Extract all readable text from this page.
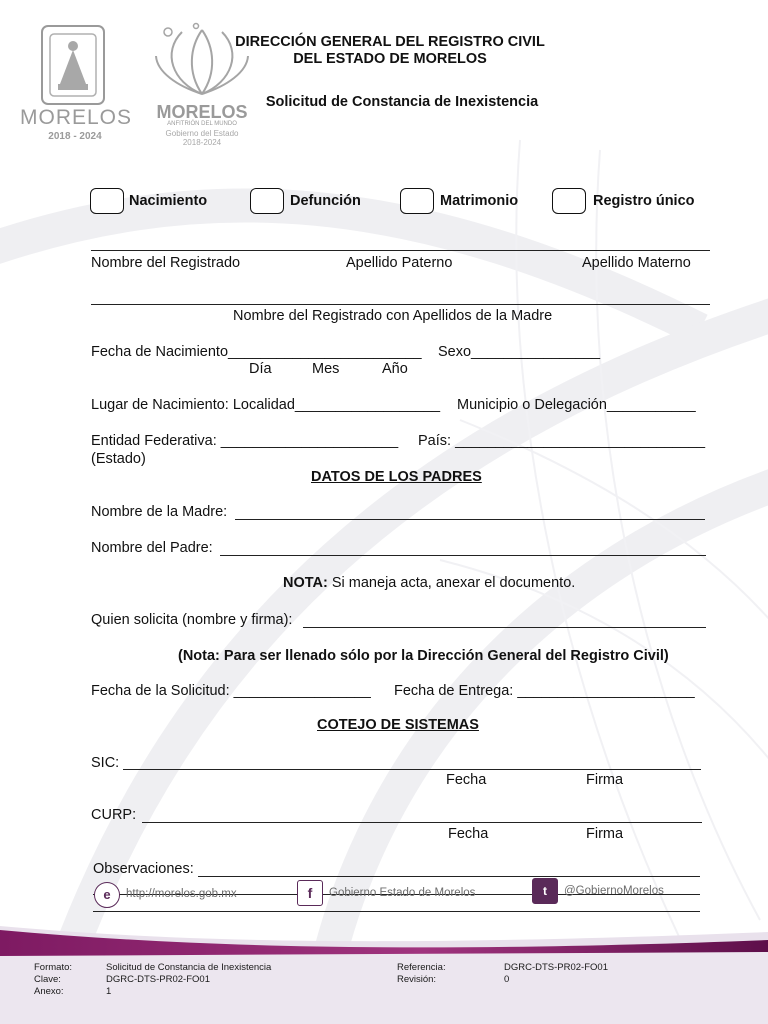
MORELOS
2018 - 2024
MORELOS
ANFITRIÓN DEL MUNDO
Gobierno del Estado
2018-2024
DIRECCIÓN GENERAL DEL REGISTRO CIVIL
DEL ESTADO DE MORELOS
Solicitud de Constancia de Inexistencia
Nacimiento	Defunción	Matrimonio	Registro único
Nombre del Registrado	Apellido Paterno	Apellido Materno
Nombre del Registrado con Apellidos de la Madre
Fecha de Nacimiento________________________ Sexo________________
Día	Mes	Año
Lugar de Nacimiento: Localidad__________________ Municipio o Delegación___________
Entidad Federativa: ______________________ País: _______________________________
(Estado)
DATOS DE LOS PADRES
Nombre de la Madre:
Nombre del Padre:
NOTA: Si maneja acta, anexar el documento.
Quien solicita (nombre y firma):
(Nota: Para ser llenado sólo por la Dirección General del Registro Civil)
Fecha de la Solicitud: _________________ Fecha de Entrega: ______________________
COTEJO DE SISTEMAS
SIC:
Fecha	Firma
CURP:
Fecha	Firma
Observaciones:
e	http://morelos.gob.mx	f	Gobierno Estado de Morelos	t	@GobiernoMorelos
Formato:	Solicitud de Constancia de Inexistencia
Clave:	DGRC-DTS-PR02-FO01
Anexo:	1
Referencia:	DGRC-DTS-PR02-FO01
Revisión:	0
